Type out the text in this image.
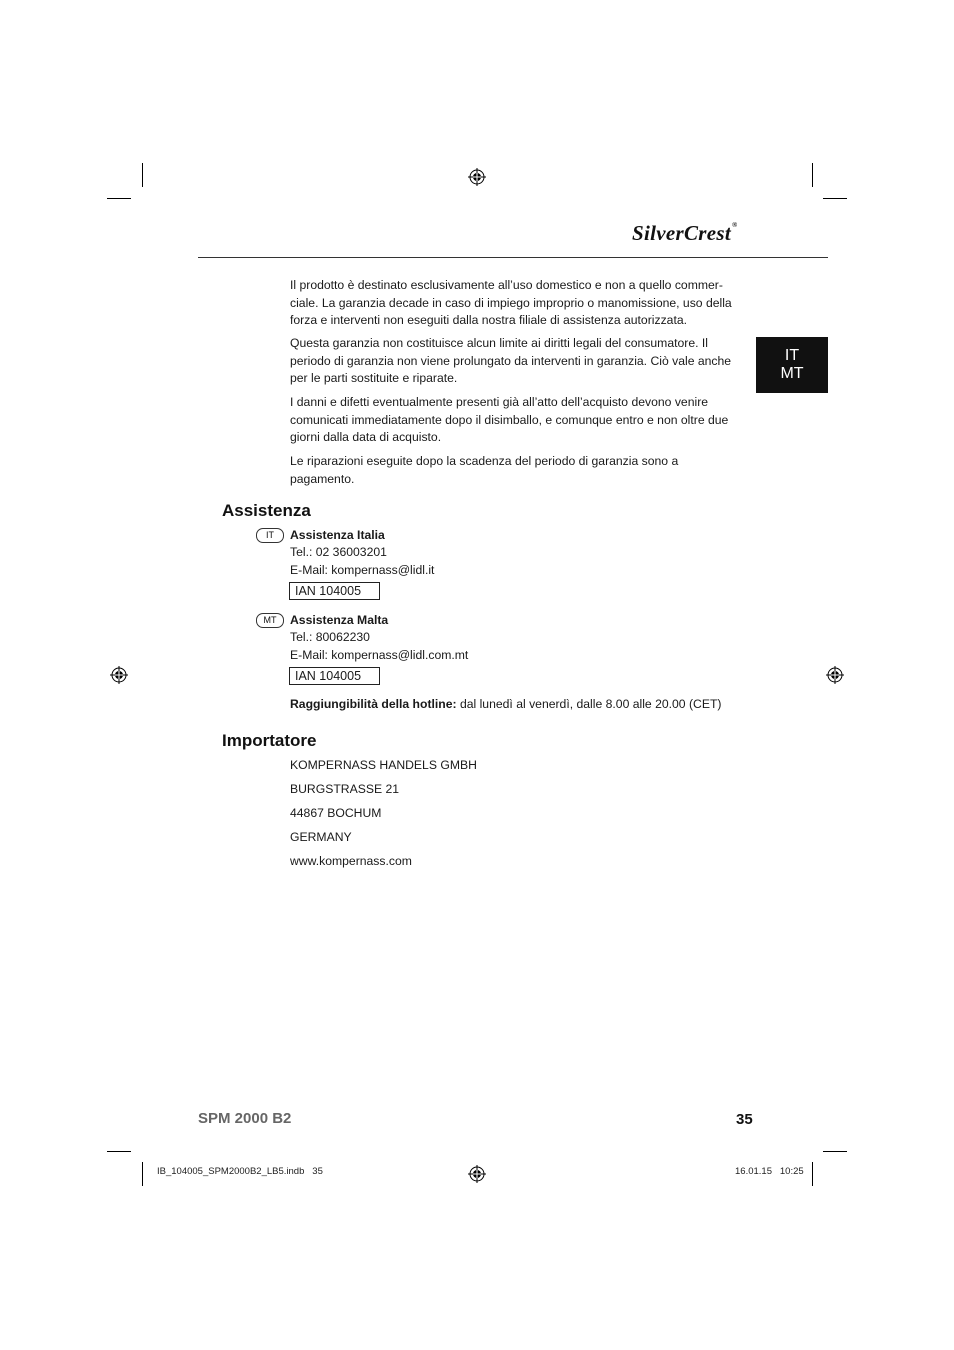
SilverCrest®
IT
MT
Il prodotto è destinato esclusivamente all’uso domestico e non a quello commer-ciale. La garanzia decade in caso di impiego improprio o manomissione, uso della forza e interventi non eseguiti dalla nostra filiale di assistenza autorizzata.
Questa garanzia non costituisce alcun limite ai diritti legali del consumatore. Il periodo di garanzia non viene prolungato da interventi in garanzia. Ciò vale anche per le parti sostituite e riparate.
I danni e difetti eventualmente presenti già all’atto dell’acquisto devono venire comunicati immediatamente dopo il disimballo, e comunque entro e non oltre due giorni dalla data di acquisto.
Le riparazioni eseguite dopo la scadenza del periodo di garanzia sono a pagamento.
Assistenza
IT	Assistenza Italia
Tel.: 02 36003201
E-Mail: kompernass@lidl.it
IAN 104005
MT	Assistenza Malta
Tel.: 80062230
E-Mail: kompernass@lidl.com.mt
IAN 104005
Raggiungibilità della hotline: dal lunedì al venerdì, dalle 8.00 alle 20.00 (CET)
Importatore
KOMPERNASS HANDELS GMBH
BURGSTRASSE 21
44867 BOCHUM
GERMANY
www.kompernass.com
SPM 2000 B2	35
IB_104005_SPM2000B2_LB5.indb   35	16.01.15   10:25
